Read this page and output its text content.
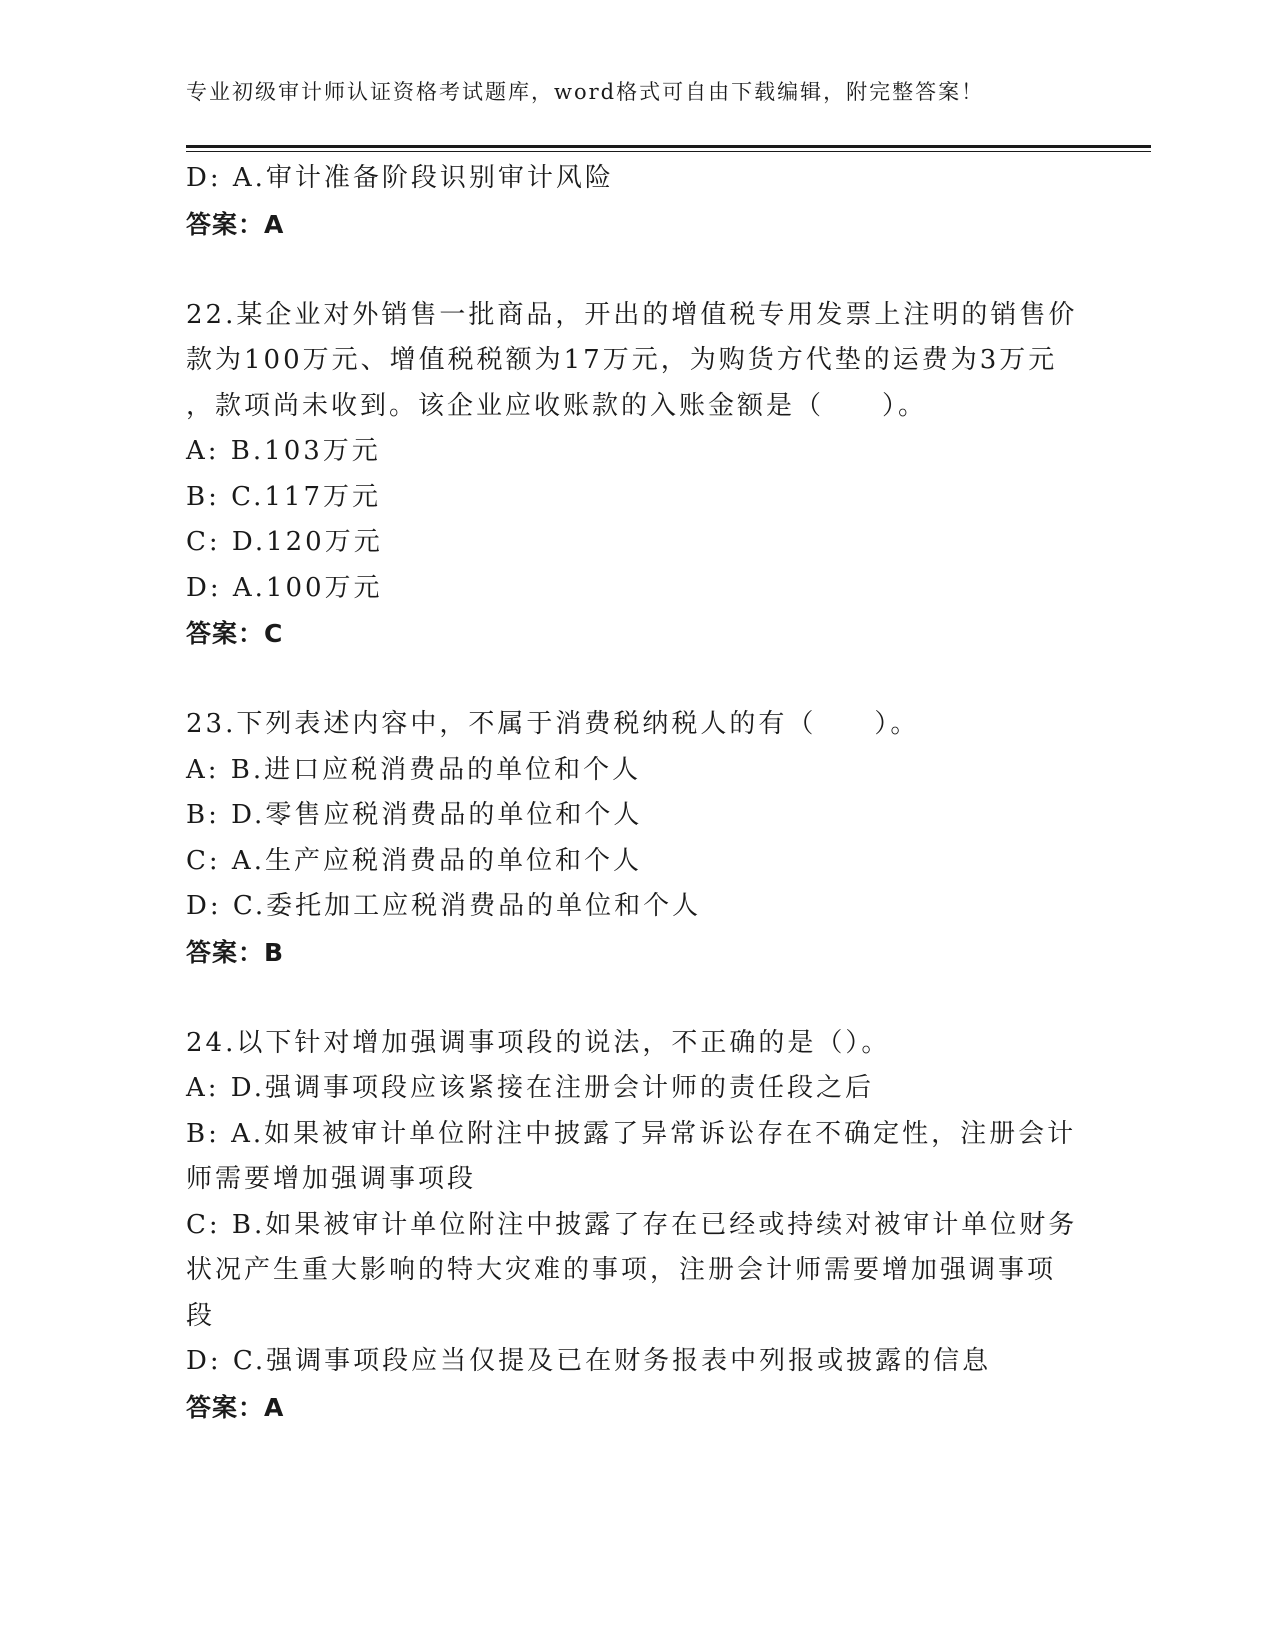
专业初级审计师认证资格考试题库，word格式可自由下载编辑，附完整答案！
D: A.审计准备阶段识别审计风险
答案：A
22.某企业对外销售一批商品，开出的增值税专用发票上注明的销售价
款为100万元、增值税税额为17万元，为购货方代垫的运费为3万元
，款项尚未收到。该企业应收账款的入账金额是（　　）。
A: B.103万元
B: C.117万元
C: D.120万元
D: A.100万元
答案：C
23.下列表述内容中，不属于消费税纳税人的有（　　）。
A: B.进口应税消费品的单位和个人
B: D.零售应税消费品的单位和个人
C: A.生产应税消费品的单位和个人
D: C.委托加工应税消费品的单位和个人
答案：B
24.以下针对增加强调事项段的说法，不正确的是（）。
A: D.强调事项段应该紧接在注册会计师的责任段之后
B: A.如果被审计单位附注中披露了异常诉讼存在不确定性，注册会计
师需要增加强调事项段
C: B.如果被审计单位附注中披露了存在已经或持续对被审计单位财务
状况产生重大影响的特大灾难的事项，注册会计师需要增加强调事项
段
D: C.强调事项段应当仅提及已在财务报表中列报或披露的信息
答案：A
